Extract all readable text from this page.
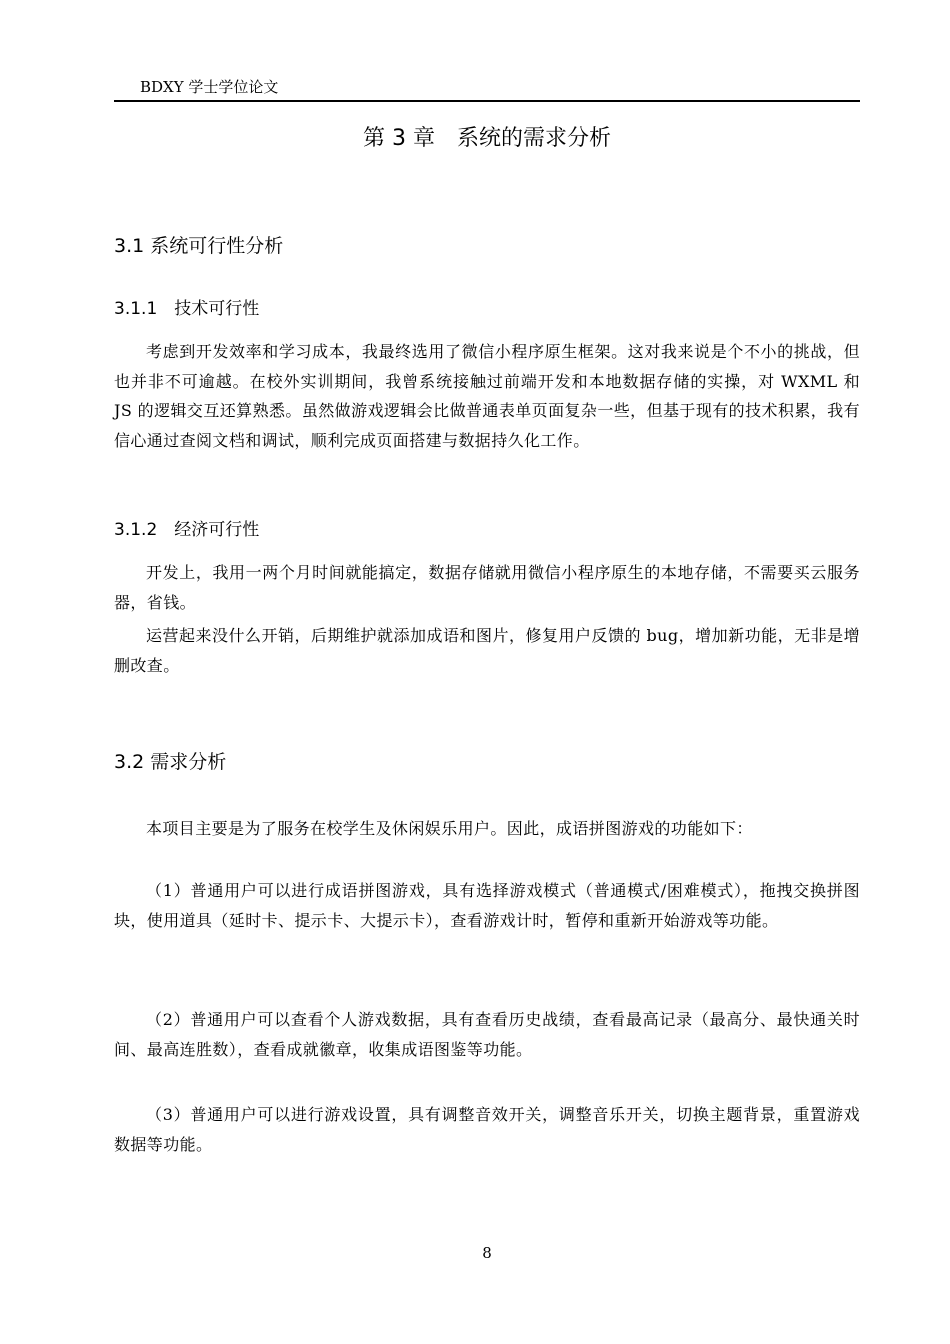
BDXY 学士学位论文
第 3 章　系统的需求分析
3.1 系统可行性分析
3.1.1　技术可行性

考虑到开发效率和学习成本，我最终选用了微信小程序原生框架。这对我来说是个不小的挑战，但也并非不可逾越。在校外实训期间，我曾系统接触过前端开发和本地数据存储的实操，对 WXML 和 JS 的逻辑交互还算熟悉。虽然做游戏逻辑会比做普通表单页面复杂一些，但基于现有的技术积累，我有信心通过查阅文档和调试，顺利完成页面搭建与数据持久化工作。

3.1.2　经济可行性

开发上，我用一两个月时间就能搞定，数据存储就用微信小程序原生的本地存储，不需要买云服务器，省钱。

运营起来没什么开销，后期维护就添加成语和图片，修复用户反馈的 bug，增加新功能，无非是增删改查。

3.2 需求分析

本项目主要是为了服务在校学生及休闲娱乐用户。因此，成语拼图游戏的功能如下：

（1）普通用户可以进行成语拼图游戏，具有选择游戏模式（普通模式/困难模式），拖拽交换拼图块，使用道具（延时卡、提示卡、大提示卡），查看游戏计时，暂停和重新开始游戏等功能。

（2）普通用户可以查看个人游戏数据，具有查看历史战绩，查看最高记录（最高分、最快通关时间、最高连胜数），查看成就徽章，收集成语图鉴等功能。

（3）普通用户可以进行游戏设置，具有调整音效开关，调整音乐开关，切换主题背景，重置游戏数据等功能。

8
